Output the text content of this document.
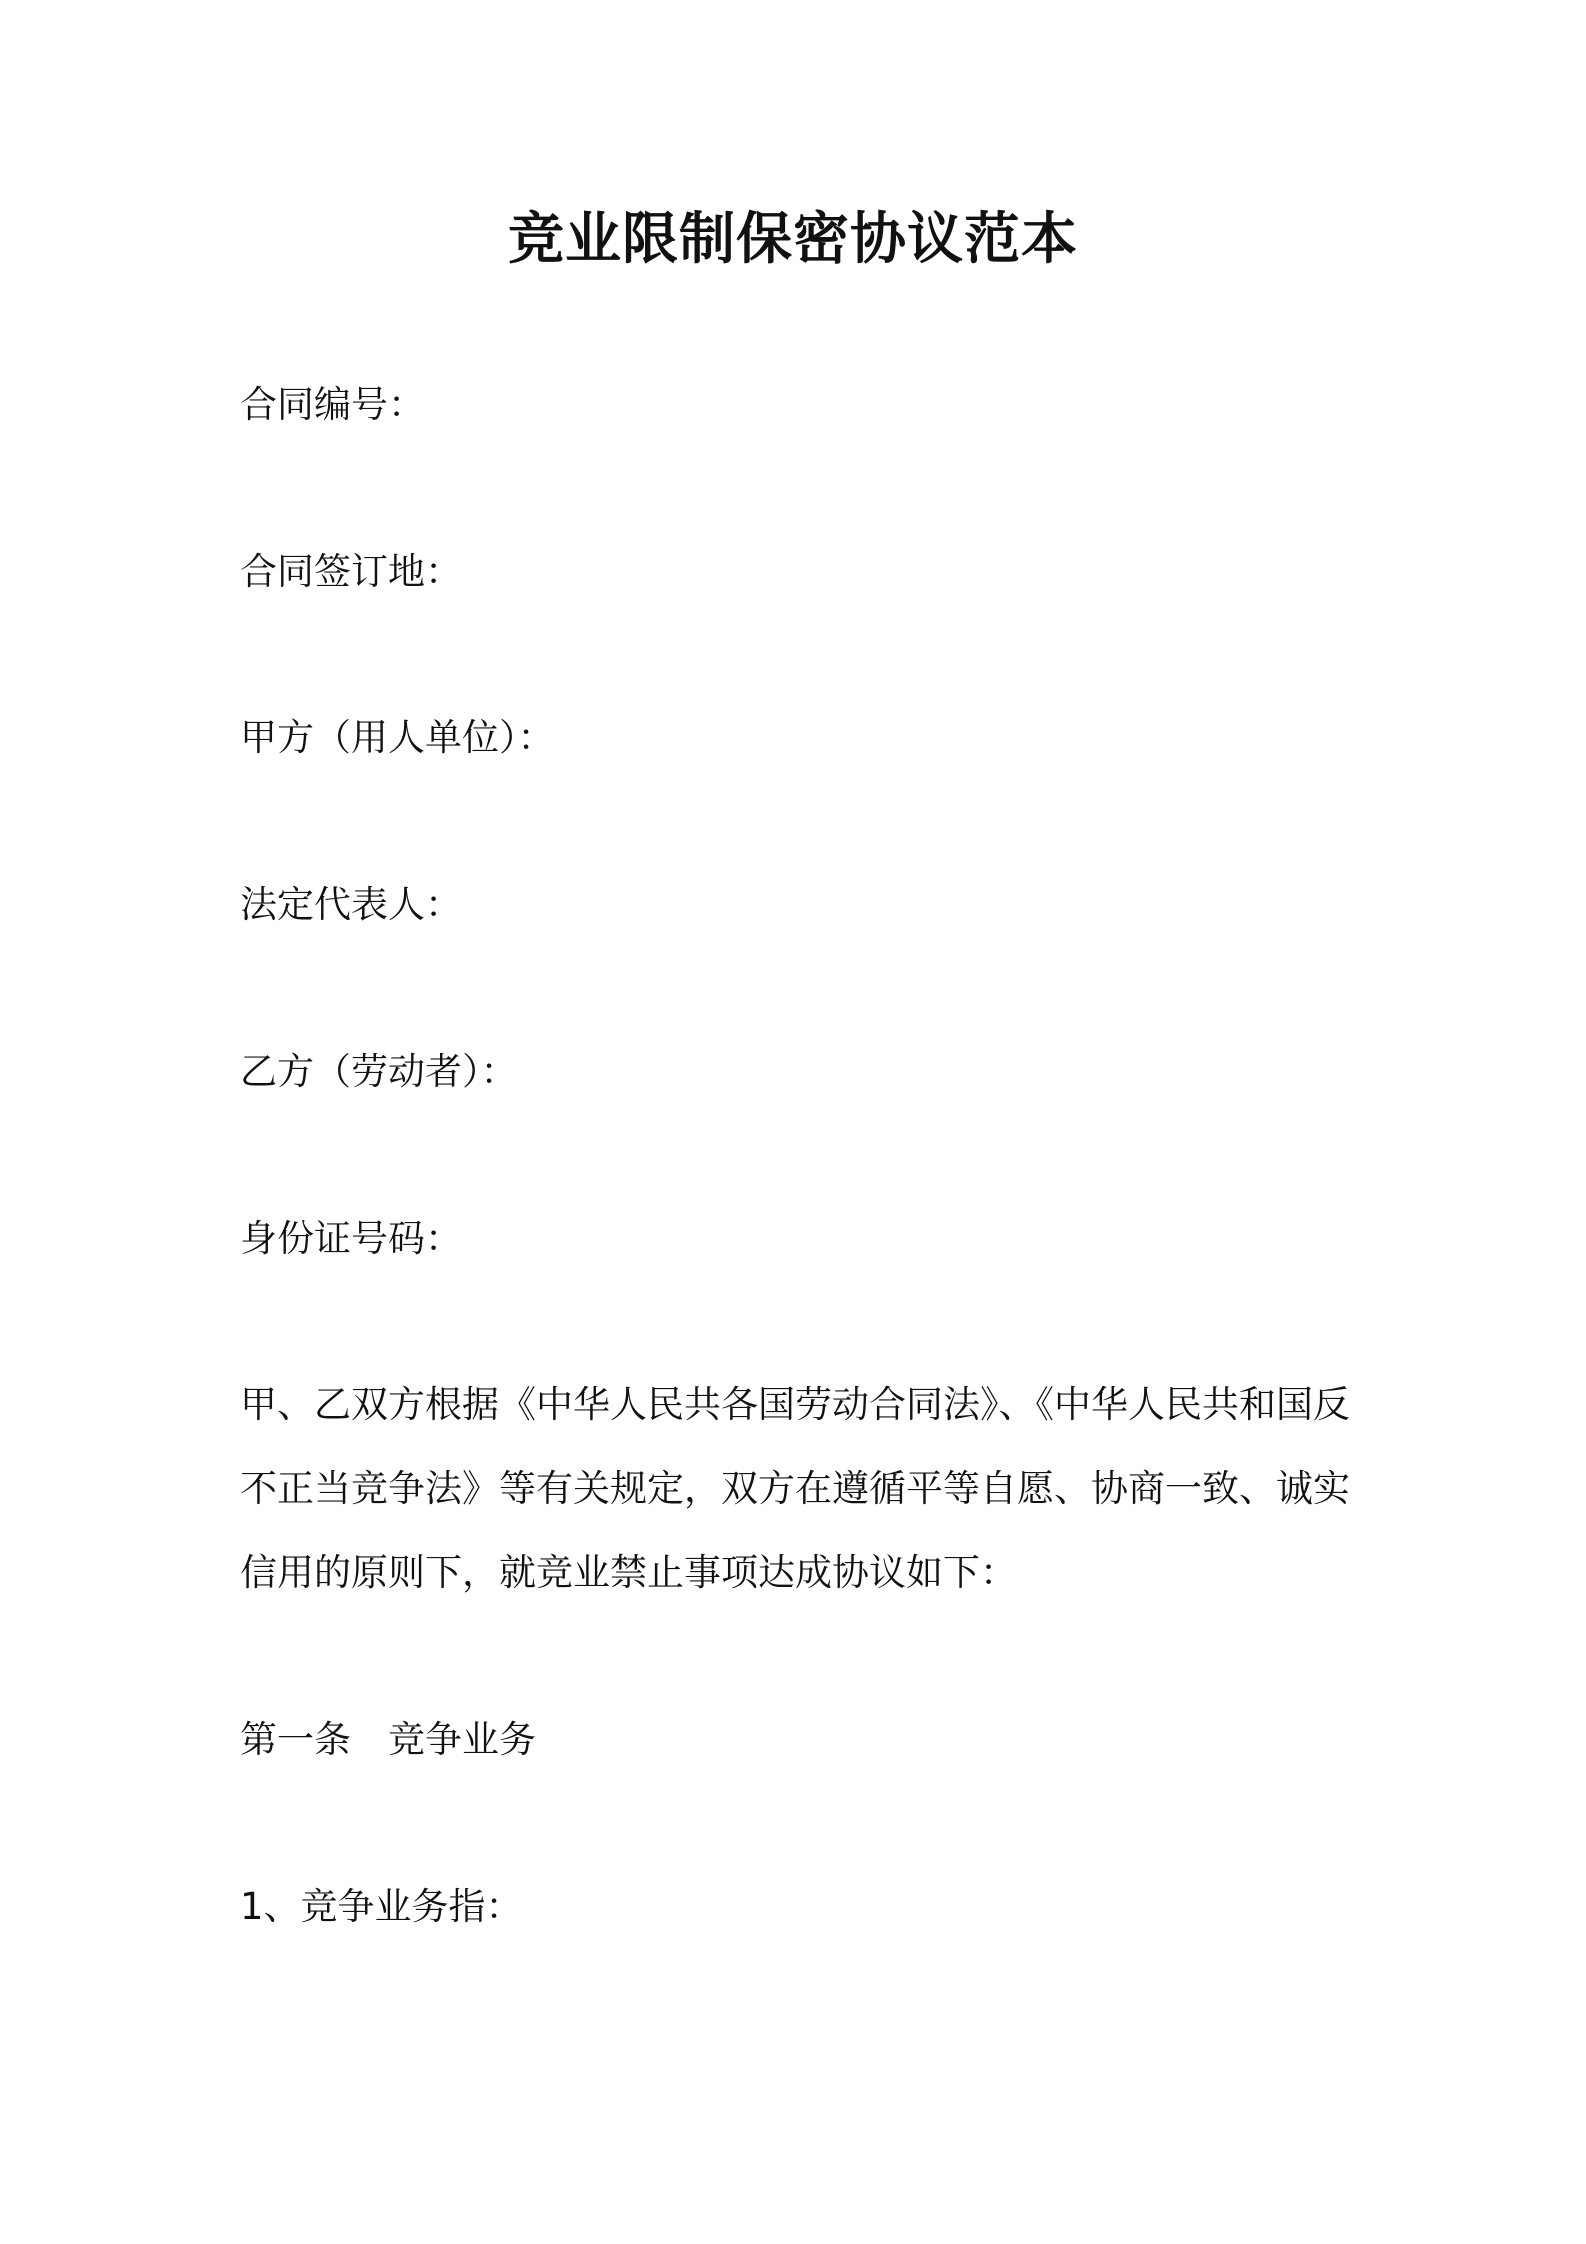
竞业限制保密协议范本

合同编号：

合同签订地：

甲方（用人单位）：

法定代表人：

乙方（劳动者）：

身份证号码：

甲、乙双方根据《中华人民共各国劳动合同法》、《中华人民共和国反
不正当竞争法》等有关规定，双方在遵循平等自愿、协商一致、诚实
信用的原则下，就竞业禁止事项达成协议如下：

第一条　竞争业务

1、竞争业务指：
